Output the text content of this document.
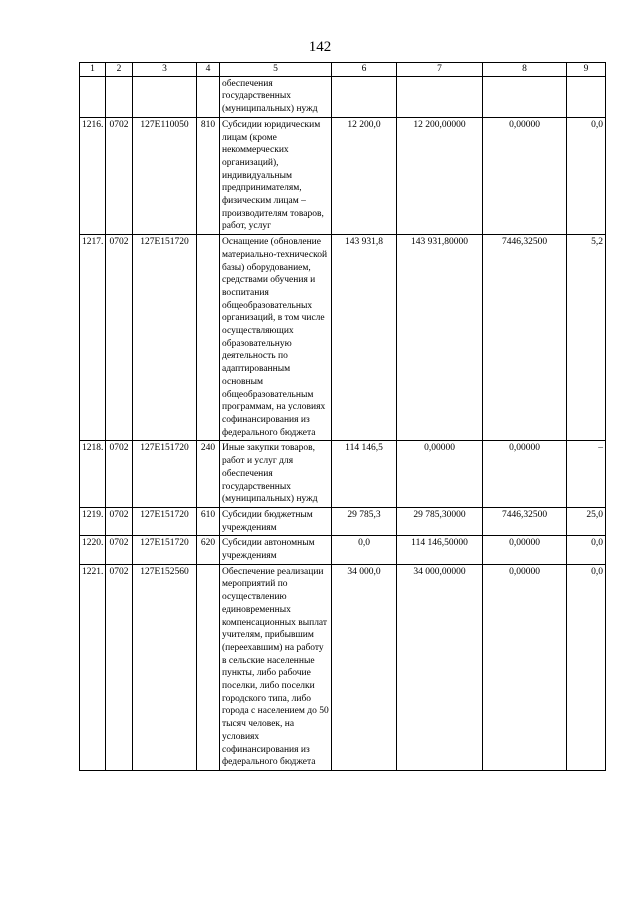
142
1	2	3	4	5	6	7	8	9
				обеспечения государственных (муниципальных) нужд				
1216.	0702	127E110050	810	Субсидии юридическим лицам (кроме некоммерческих организаций), индивидуальным предпринимателям, физическим лицам – производителям товаров, работ, услуг	12 200,0	12 200,00000	0,00000	0,0
1217.	0702	127E151720		Оснащение (обновление материально-технической базы) оборудованием, средствами обучения и воспитания общеобразовательных организаций, в том числе осуществляющих образовательную деятельность по адаптированным основным общеобразовательным программам, на условиях софинансирования из федерального бюджета	143 931,8	143 931,80000	7446,32500	5,2
1218.	0702	127E151720	240	Иные закупки товаров, работ и услуг для обеспечения государственных (муниципальных) нужд	114 146,5	0,00000	0,00000	–
1219.	0702	127E151720	610	Субсидии бюджетным учреждениям	29 785,3	29 785,30000	7446,32500	25,0
1220.	0702	127E151720	620	Субсидии автономным учреждениям	0,0	114 146,50000	0,00000	0,0
1221.	0702	127E152560		Обеспечение реализации мероприятий по осуществлению единовременных компенсационных выплат учителям, прибывшим (переехавшим) на работу в сельские населенные пункты, либо рабочие поселки, либо поселки городского типа, либо города с населением до 50 тысяч человек, на условиях софинансирования из федерального бюджета	34 000,0	34 000,00000	0,00000	0,0
